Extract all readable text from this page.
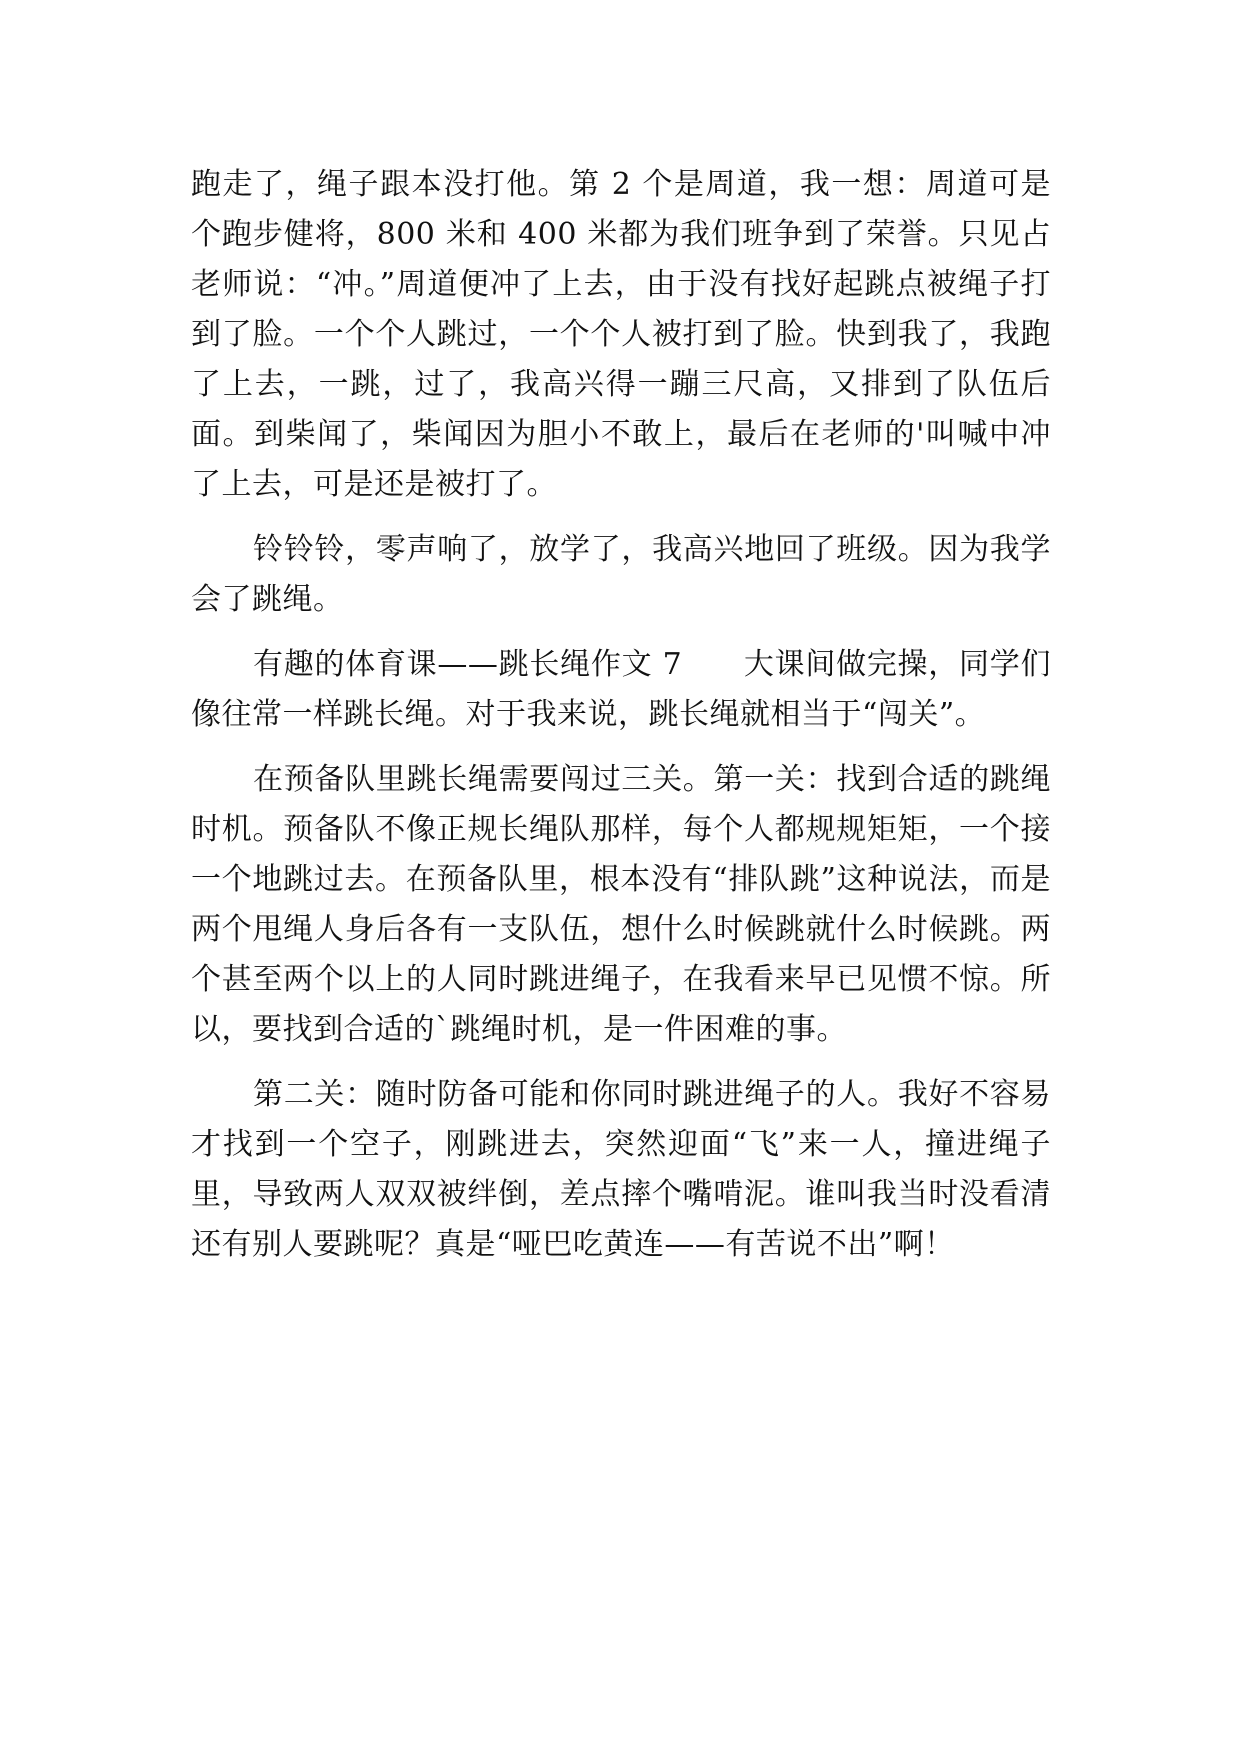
跑走了，绳子跟本没打他。第 2 个是周道，我一想：周道可是个跑步健将，800 米和 400 米都为我们班争到了荣誉。只见占老师说：“冲。”周道便冲了上去，由于没有找好起跳点被绳子打到了脸。一个个人跳过，一个个人被打到了脸。快到我了，我跑了上去，一跳，过了，我高兴得一蹦三尺高，又排到了队伍后面。到柴闻了，柴闻因为胆小不敢上，最后在老师的'叫喊中冲了上去，可是还是被打了。

铃铃铃，零声响了，放学了，我高兴地回了班级。因为我学会了跳绳。

有趣的体育课——跳长绳作文 7　　大课间做完操，同学们像往常一样跳长绳。对于我来说，跳长绳就相当于“闯关”。

在预备队里跳长绳需要闯过三关。第一关：找到合适的跳绳时机。预备队不像正规长绳队那样，每个人都规规矩矩，一个接一个地跳过去。在预备队里，根本没有“排队跳”这种说法，而是两个甩绳人身后各有一支队伍，想什么时候跳就什么时候跳。两个甚至两个以上的人同时跳进绳子，在我看来早已见惯不惊。所以，要找到合适的`跳绳时机，是一件困难的事。

第二关：随时防备可能和你同时跳进绳子的人。我好不容易才找到一个空子，刚跳进去，突然迎面“飞”来一人，撞进绳子里，导致两人双双被绊倒，差点摔个嘴啃泥。谁叫我当时没看清还有别人要跳呢？真是“哑巴吃黄连——有苦说不出”啊！
